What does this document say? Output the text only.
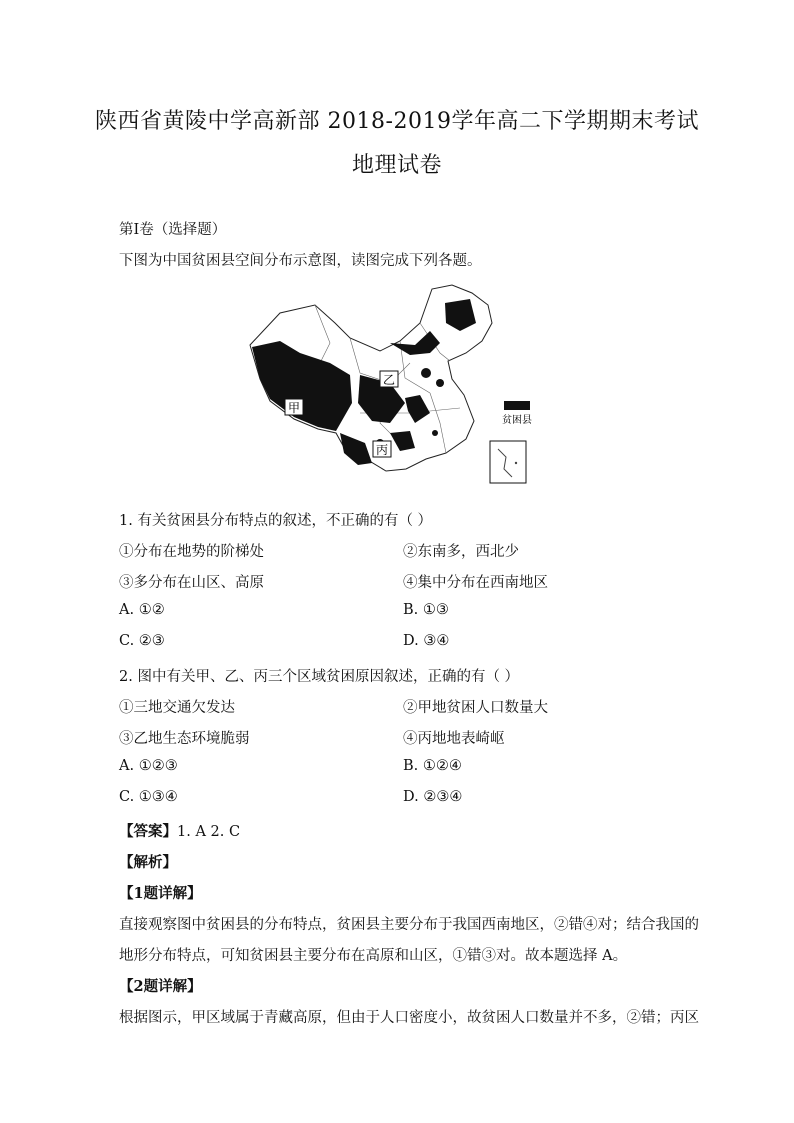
陕西省黄陵中学高新部 2018-2019学年高二下学期期末考试
地理试卷
第Ⅰ卷（选择题）
下图为中国贫困县空间分布示意图，读图完成下列各题。
甲
乙
丙
贫困县
1. 有关贫困县分布特点的叙述，不正确的有（ ）
①分布在地势的阶梯处	②东南多，西北少
③多分布在山区、高原	④集中分布在西南地区
A. ①②	B. ①③
C. ②③	D. ③④
2. 图中有关甲、乙、丙三个区域贫困原因叙述，正确的有（ ）
①三地交通欠发达	②甲地贫困人口数量大
③乙地生态环境脆弱	④丙地地表崎岖
A. ①②③	B. ①②④
C. ①③④	D. ②③④
【答案】1. A 2. C
【解析】
【1题详解】
直接观察图中贫困县的分布特点，贫困县主要分布于我国西南地区，②错④对；结合我国的
地形分布特点，可知贫困县主要分布在高原和山区，①错③对。故本题选择 A。
【2题详解】
根据图示，甲区域属于青藏高原，但由于人口密度小，故贫困人口数量并不多，②错；丙区
